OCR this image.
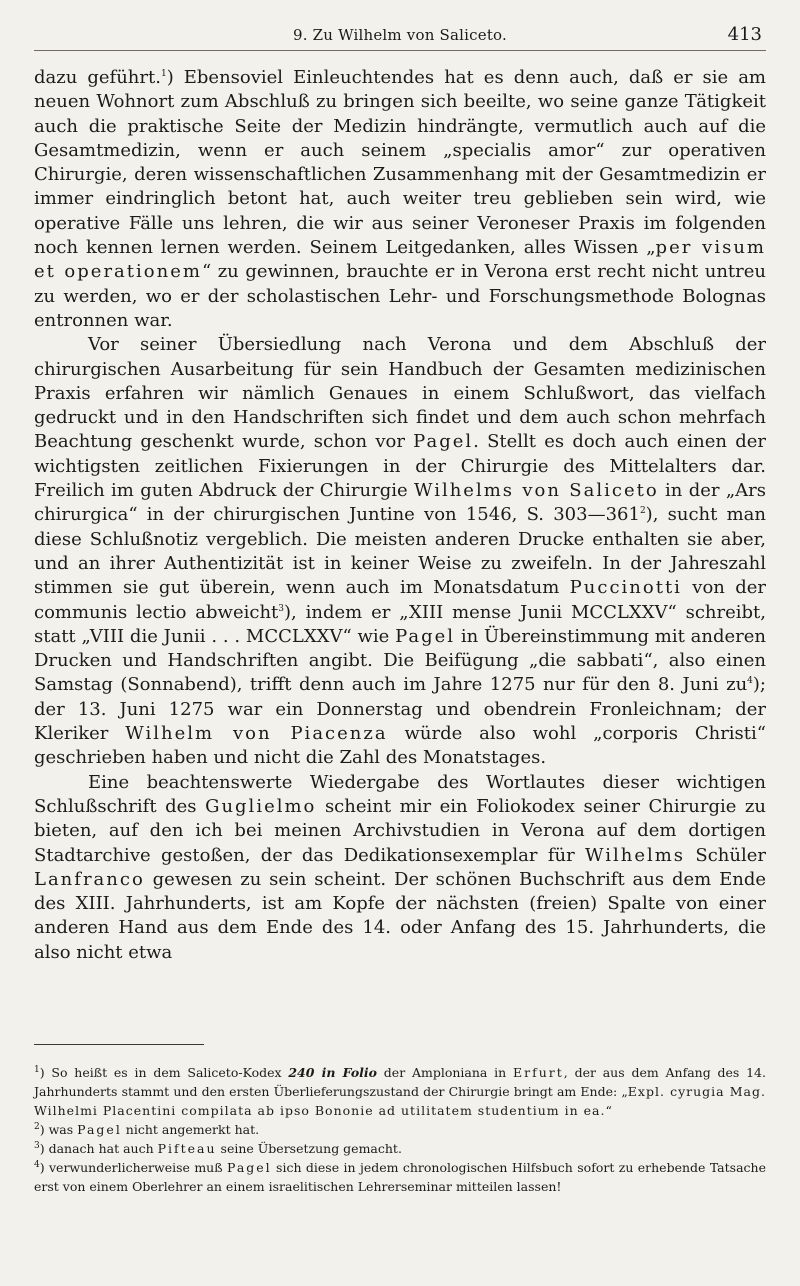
9. Zu Wilhelm von Saliceto.	413

dazu geführt.$^1$) Ebensoviel Einleuchtendes hat es denn auch, daß er sie am neuen Wohnort zum Abschluß zu bringen sich beeilte, wo seine ganze Tätigkeit auch die praktische Seite der Medizin hindrängte, vermutlich auch auf die Gesamtmedizin, wenn er auch seinem „specialis amor“ zur operativen Chirurgie, deren wissenschaftlichen Zusammenhang mit der Gesamtmedizin er immer eindringlich betont hat, auch weiter treu geblieben sein wird, wie operative Fälle uns lehren, die wir aus seiner Veroneser Praxis im folgenden noch kennen lernen werden. Seinem Leitgedanken, alles Wissen „per visum et operationem“ zu gewinnen, brauchte er in Verona erst recht nicht untreu zu werden, wo er der scholastischen Lehr- und Forschungsmethode Bolognas entronnen war.

Vor seiner Übersiedlung nach Verona und dem Abschluß der chirurgischen Ausarbeitung für sein Handbuch der Gesamten medizinischen Praxis erfahren wir nämlich Genaues in einem Schlußwort, das vielfach gedruckt und in den Handschriften sich findet und dem auch schon mehrfach Beachtung geschenkt wurde, schon vor Pagel. Stellt es doch auch einen der wichtigsten zeitlichen Fixierungen in der Chirurgie des Mittelalters dar. Freilich im guten Abdruck der Chirurgie Wilhelms von Saliceto in der „Ars chirurgica“ in der chirurgischen Juntine von 1546, S. $303—361^2$), sucht man diese Schlußnotiz vergeblich. Die meisten anderen Drucke enthalten sie aber, und an ihrer Authentizität ist in keiner Weise zu zweifeln. In der Jahreszahl stimmen sie gut überein, wenn auch im Monatsdatum Puccinotti von der communis lectio abweicht$^3$), indem er „XIII mense Junii MCCLXXV“ schreibt, statt „VIII die Junii . . . MCCLXXV“ wie Pagel in Übereinstimmung mit anderen Drucken und Handschriften angibt. Die Beifügung „die sabbati“, also einen Samstag (Sonnabend), trifft denn auch im Jahre 1275 nur für den 8. Juni $zu^4$); der 13. Juni 1275 war ein Donnerstag und obendrein Fronleichnam; der Kleriker Wilhelm von Piacenza würde also wohl „corporis Christi“ geschrieben haben und nicht die Zahl des Monatstages.

Eine beachtenswerte Wiedergabe des Wortlautes dieser wichtigen Schlußschrift des Guglielmo scheint mir ein Foliokodex seiner Chirurgie zu bieten, auf den ich bei meinen Archivstudien in Verona auf dem dortigen Stadtarchive gestoßen, der das Dedikationsexemplar für Wilhelms Schüler Lanfranco gewesen zu sein scheint. Der schönen Buchschrift aus dem Ende des XIII. Jahrhunderts, ist am Kopfe der nächsten (freien) Spalte von einer anderen Hand aus dem Ende des 14. oder Anfang des 15. Jahrhunderts, die also nicht etwa

$^1$) So heißt es in dem Saliceto-Kodex 240 in Folio der Amploniana in Erfurt, der aus dem Anfang des 14. Jahrhunderts stammt und den ersten Überlieferungszustand der Chirurgie bringt am Ende: „Expl. cyrugia Mag. Wilhelmi Placentini compilata ab ipso Bononie ad utilitatem studentium in ea.“

$^2$) was Pagel nicht angemerkt hat.

$^3$) danach hat auch Pifteau seine Übersetzung gemacht.

$^4$) verwunderlicherweise muß Pagel sich diese in jedem chronologischen Hilfsbuch sofort zu erhebende Tatsache erst von einem Oberlehrer an einem israelitischen Lehrerseminar mitteilen lassen!
